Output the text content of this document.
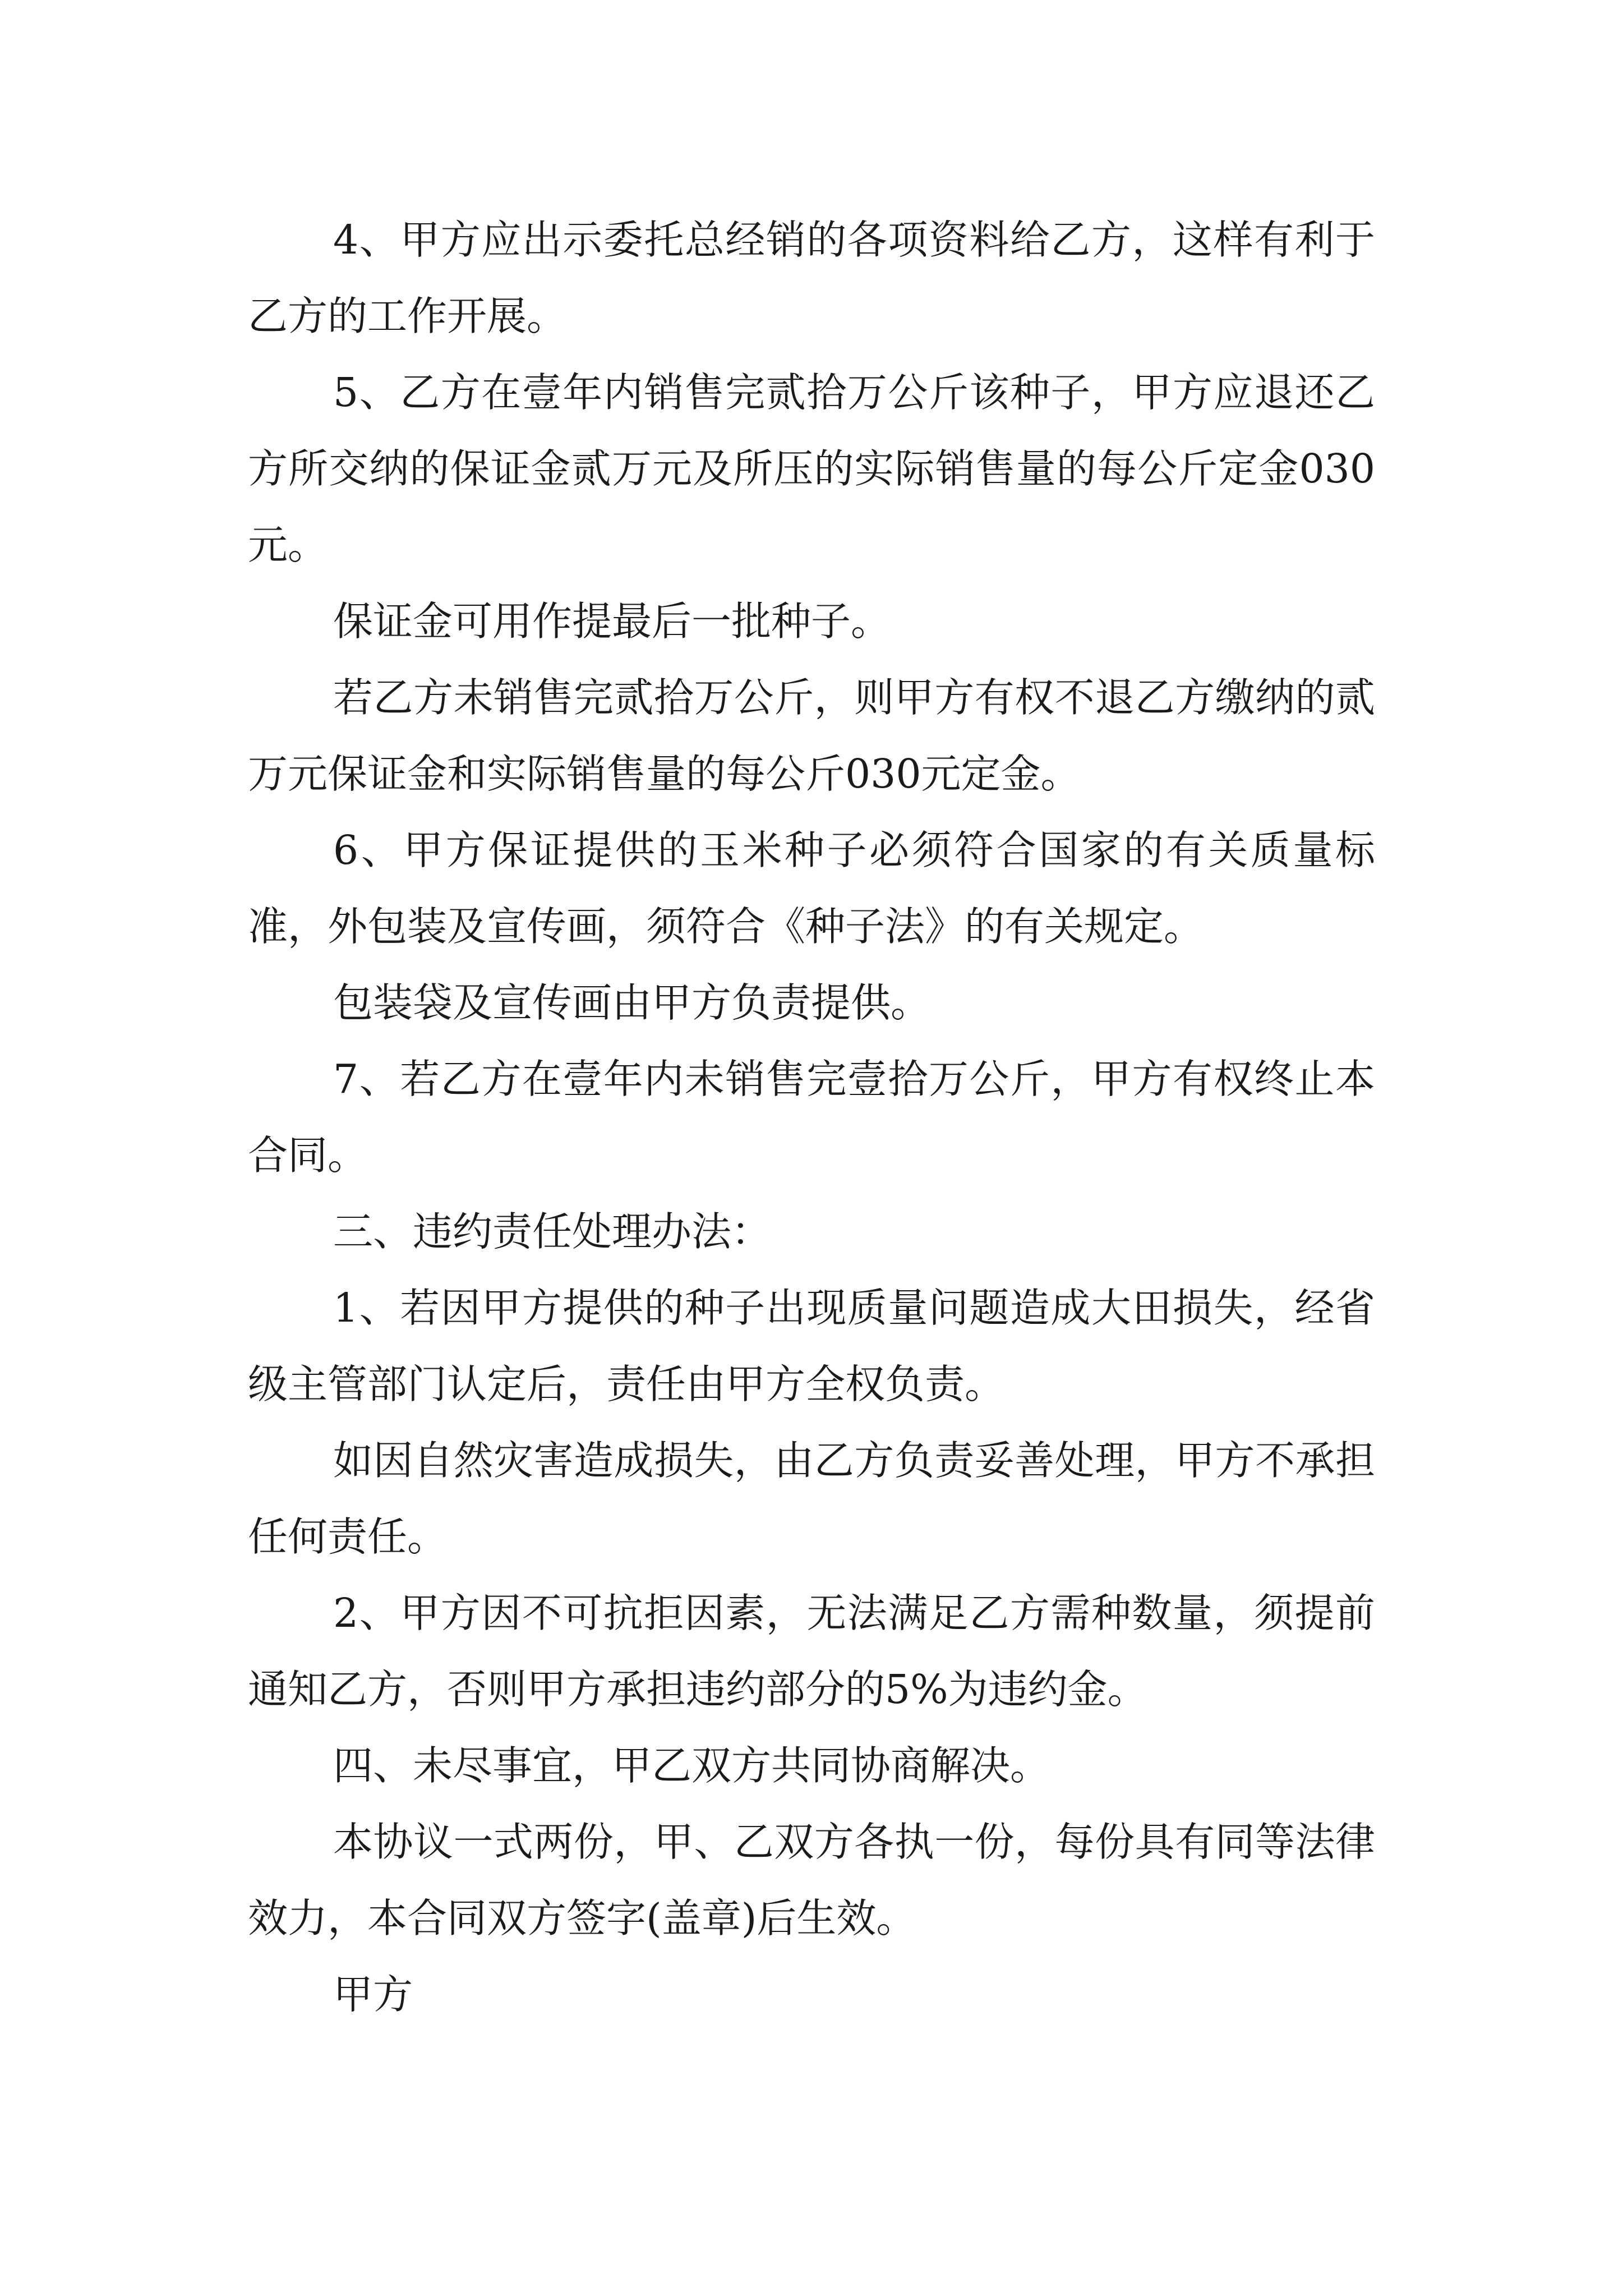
4、甲方应出示委托总经销的各项资料给乙方，这样有利于乙方的工作开展。

5、乙方在壹年内销售完贰拾万公斤该种子，甲方应退还乙方所交纳的保证金贰万元及所压的实际销售量的每公斤定金030元。

保证金可用作提最后一批种子。

若乙方未销售完贰拾万公斤，则甲方有权不退乙方缴纳的贰万元保证金和实际销售量的每公斤030元定金。

6、甲方保证提供的玉米种子必须符合国家的有关质量标准，外包装及宣传画，须符合《种子法》的有关规定。

包装袋及宣传画由甲方负责提供。

7、若乙方在壹年内未销售完壹拾万公斤，甲方有权终止本合同。

三、违约责任处理办法：

1、若因甲方提供的种子出现质量问题造成大田损失，经省级主管部门认定后，责任由甲方全权负责。

如因自然灾害造成损失，由乙方负责妥善处理，甲方不承担任何责任。

2、甲方因不可抗拒因素，无法满足乙方需种数量，须提前通知乙方，否则甲方承担违约部分的5%为违约金。

四、未尽事宜，甲乙双方共同协商解决。

本协议一式两份，甲、乙双方各执一份，每份具有同等法律效力，本合同双方签字(盖章)后生效。

甲方
